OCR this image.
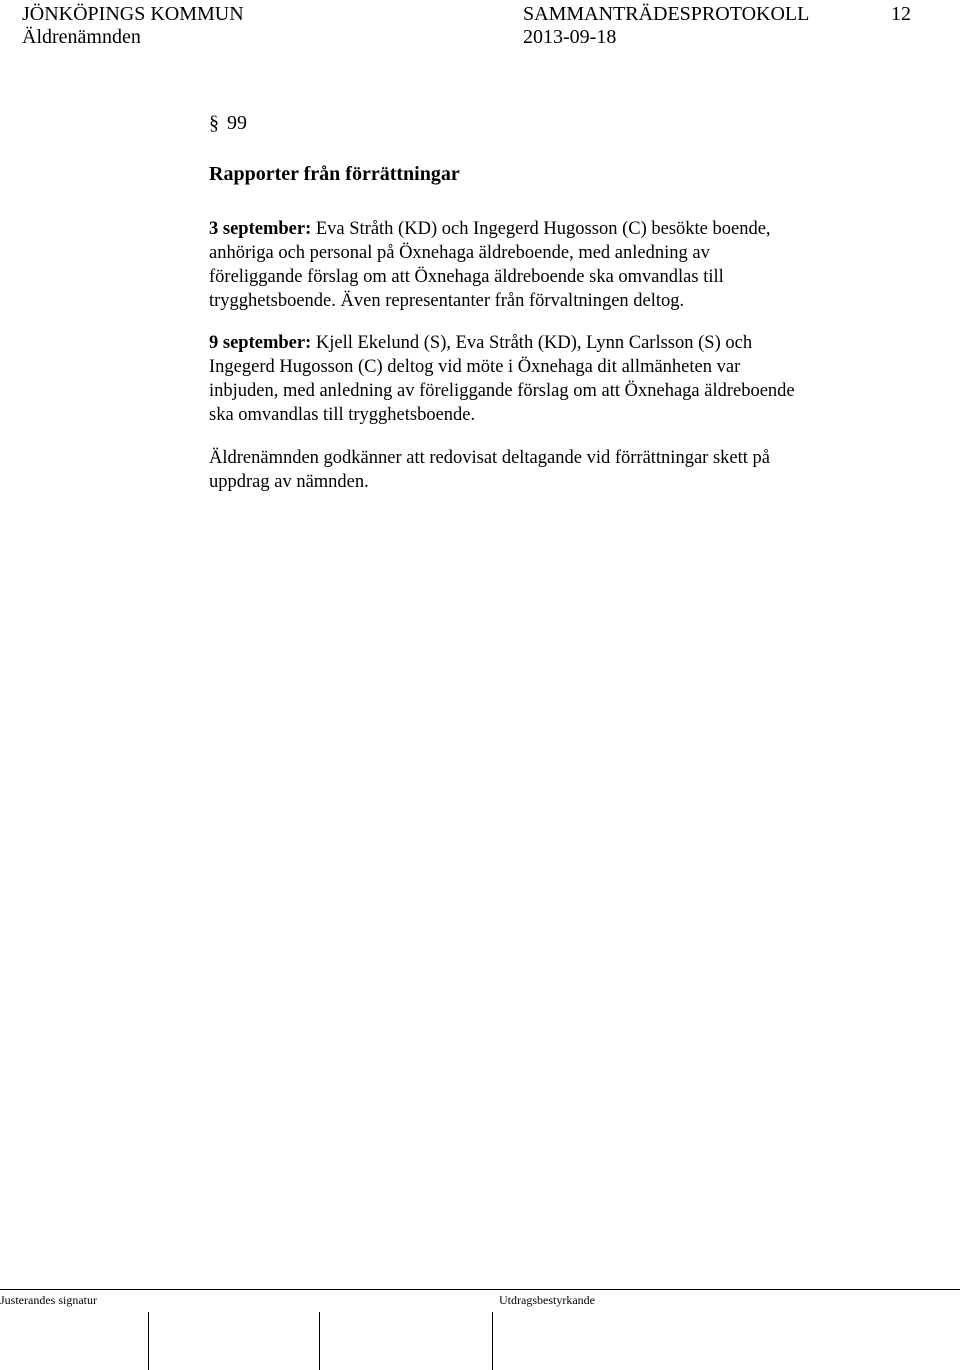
JÖNKÖPINGS KOMMUN
Äldrenämnden
SAMMANTRÄDESPROTOKOLL
2013-09-18
12
§ 99
Rapporter från förrättningar

3 september: Eva Stråth (KD) och Ingegerd Hugosson (C) besökte boende,
anhöriga och personal på Öxnehaga äldreboende, med anledning av
föreliggande förslag om att Öxnehaga äldreboende ska omvandlas till
trygghetsboende. Även representanter från förvaltningen deltog.

9 september: Kjell Ekelund (S), Eva Stråth (KD), Lynn Carlsson (S) och
Ingegerd Hugosson (C) deltog vid möte i Öxnehaga dit allmänheten var
inbjuden, med anledning av föreliggande förslag om att Öxnehaga äldreboende
ska omvandlas till trygghetsboende.

Äldrenämnden godkänner att redovisat deltagande vid förrättningar skett på
uppdrag av nämnden.

Justerandes signatur	Utdragsbestyrkande
